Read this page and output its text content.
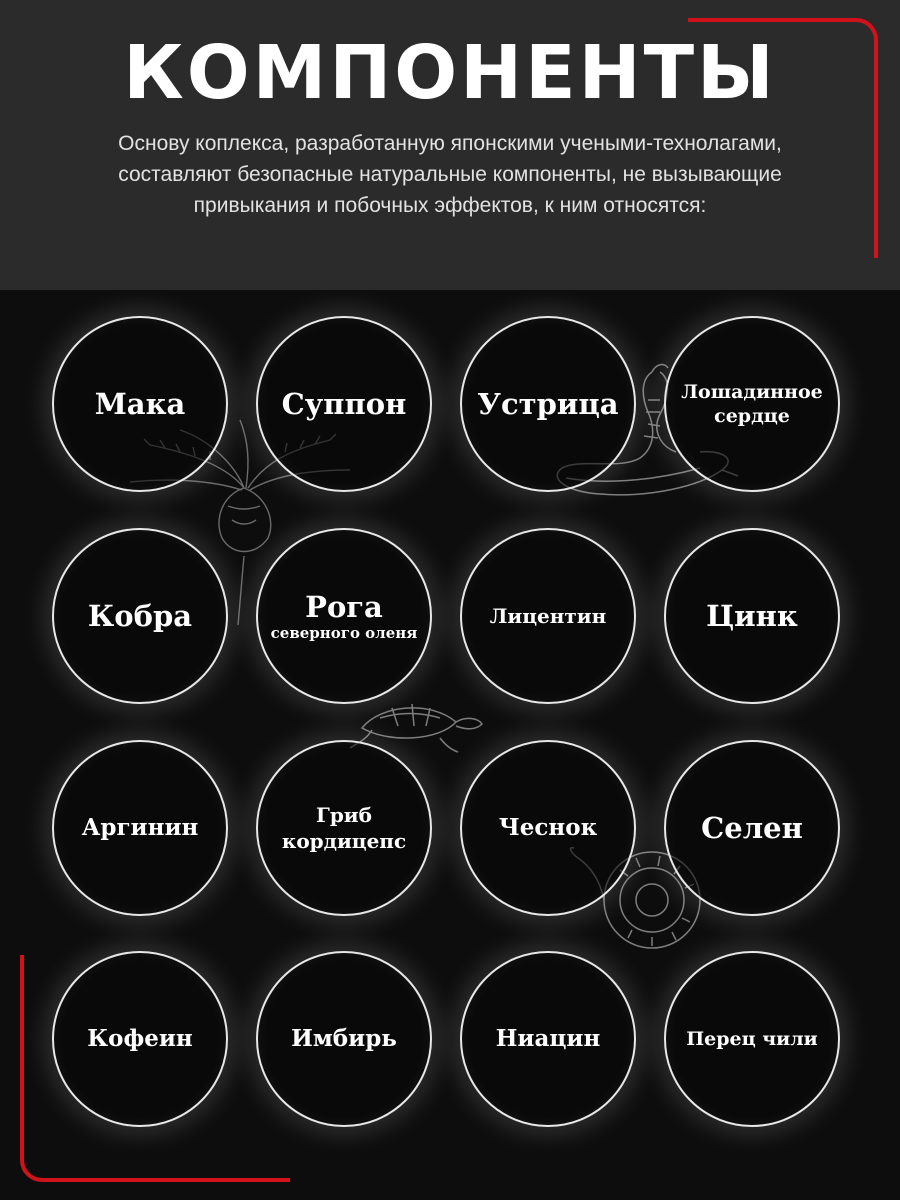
КОМПОНЕНТЫ
Основу коплекса, разработанную японскими учеными-технолагами,
составляют безопасные натуральные компоненты, не вызывающие
привыкания и побочных эффектов, к ним относятся:
Мака	Суппон Устрица	Лошадинное сердце
Кобра	Рога
северного оленя
Лицентин	Цинк
Аргинин	Гриб кордицепс	Чеснок	Селен
Кофеин	Имбирь	Ниацин	Перец чили
